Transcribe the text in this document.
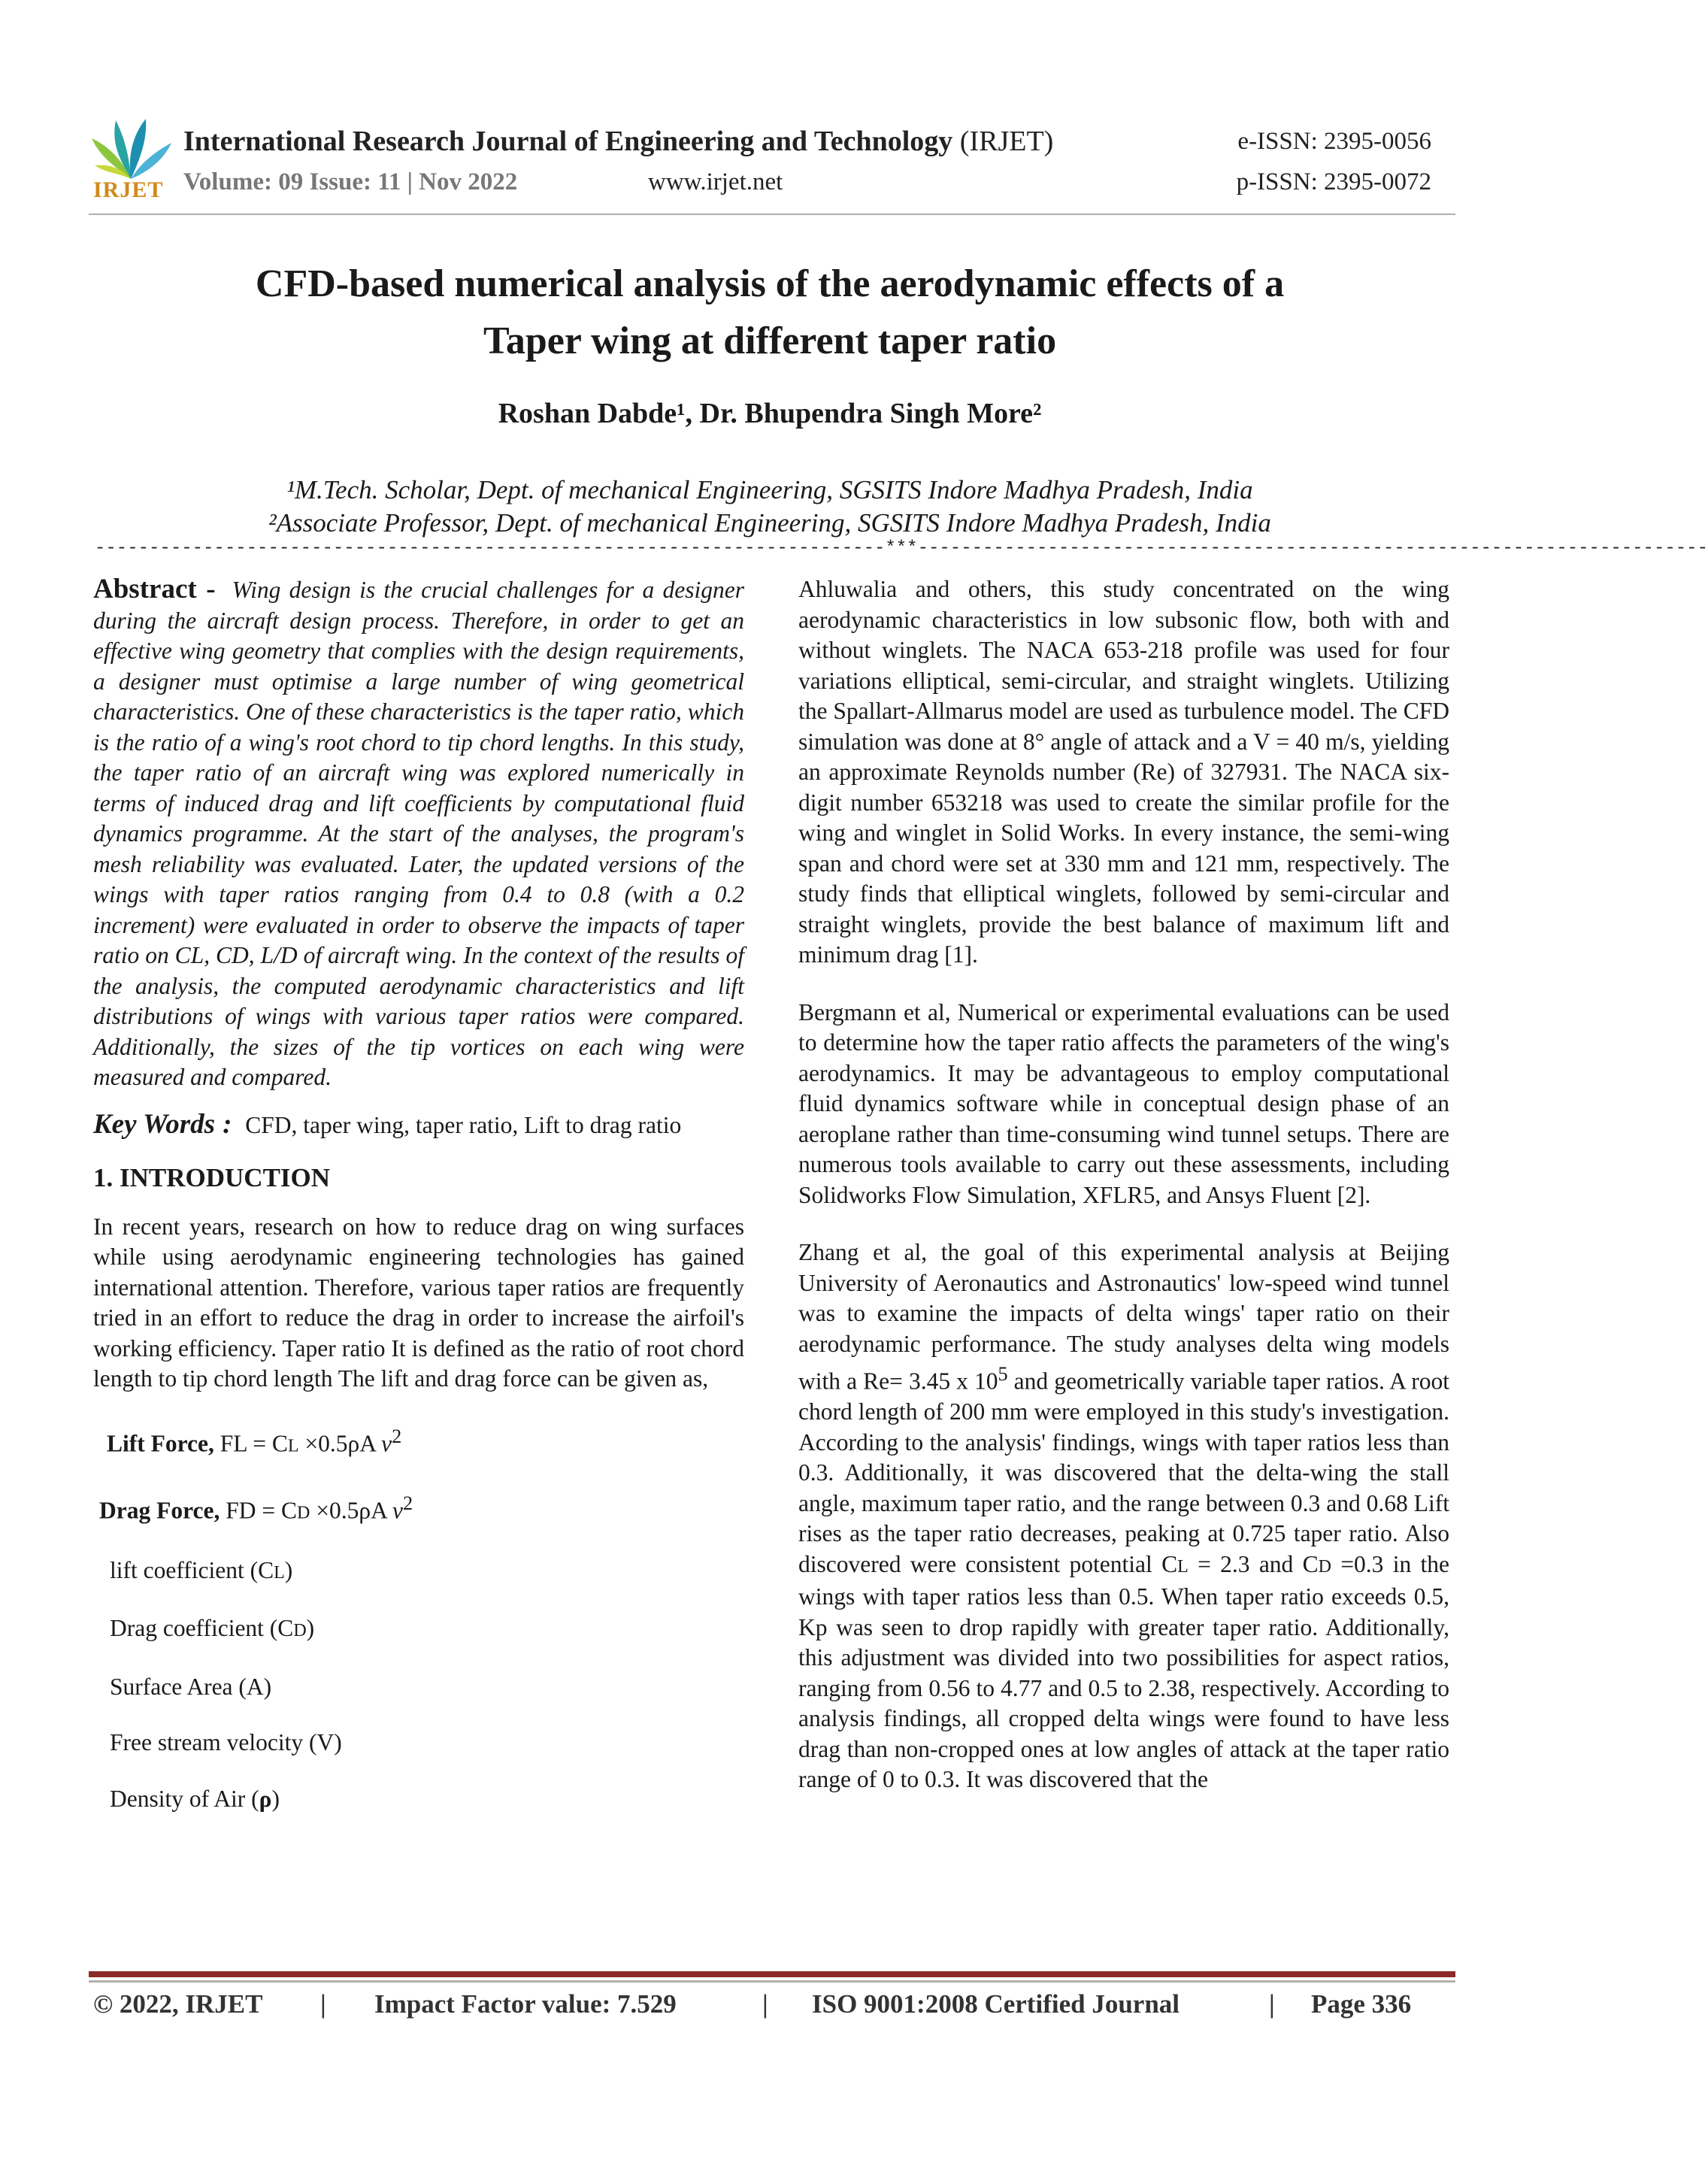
IRJET
International Research Journal of Engineering and Technology (IRJET)
Volume: 09 Issue: 11 | Nov 2022	www.irjet.net
e-ISSN: 2395-0056
p-ISSN: 2395-0072
CFD-based numerical analysis of the aerodynamic effects of a
Taper wing at different taper ratio
Roshan Dabde¹, Dr. Bhupendra Singh More²
¹M.Tech. Scholar, Dept. of mechanical Engineering, SGSITS Indore Madhya Pradesh, India
²Associate Professor, Dept. of mechanical Engineering, SGSITS Indore Madhya Pradesh, India
-------------------------------------------------------------------------***-------------------------------------------------------------------------

Abstract - Wing design is the crucial challenges for a designer during the aircraft design process. Therefore, in order to get an effective wing geometry that complies with the design requirements, a designer must optimise a large number of wing geometrical characteristics. One of these characteristics is the taper ratio, which is the ratio of a wing's root chord to tip chord lengths. In this study, the taper ratio of an aircraft wing was explored numerically in terms of induced drag and lift coefficients by computational fluid dynamics programme. At the start of the analyses, the program's mesh reliability was evaluated. Later, the updated versions of the wings with taper ratios ranging from 0.4 to 0.8 (with a 0.2 increment) were evaluated in order to observe the impacts of taper ratio on CL, CD, L/D of aircraft wing. In the context of the results of the analysis, the computed aerodynamic characteristics and lift distributions of wings with various taper ratios were compared. Additionally, the sizes of the tip vortices on each wing were measured and compared.

Key Words : CFD, taper wing, taper ratio, Lift to drag ratio

1. INTRODUCTION

In recent years, research on how to reduce drag on wing surfaces while using aerodynamic engineering technologies has gained international attention. Therefore, various taper ratios are frequently tried in an effort to reduce the drag in order to increase the airfoil's working efficiency. Taper ratio It is defined as the ratio of root chord length to tip chord length The lift and drag force can be given as,

Lift Force, FL = CL ×0.5ρA $v^2$
Drag Force, FD = CD ×0.5ρA $v^2$
lift coefficient (CL)
Drag coefficient (CD)
Surface Area (A)
Free stream velocity (V)
Density of Air (ρ)

Ahluwalia and others, this study concentrated on the wing aerodynamic characteristics in low subsonic flow, both with and without winglets. The NACA 653-218 profile was used for four variations elliptical, semi-circular, and straight winglets. Utilizing the Spallart-Allmarus model are used as turbulence model. The CFD simulation was done at 8° angle of attack and a V = 40 m/s, yielding an approximate Reynolds number (Re) of 327931. The NACA six-digit number 653218 was used to create the similar profile for the wing and winglet in Solid Works. In every instance, the semi-wing span and chord were set at 330 mm and 121 mm, respectively. The study finds that elliptical winglets, followed by semi-circular and straight winglets, provide the best balance of maximum lift and minimum drag [1].

Bergmann et al, Numerical or experimental evaluations can be used to determine how the taper ratio affects the parameters of the wing's aerodynamics. It may be advantageous to employ computational fluid dynamics software while in conceptual design phase of an aeroplane rather than time-consuming wind tunnel setups. There are numerous tools available to carry out these assessments, including Solidworks Flow Simulation, XFLR5, and Ansys Fluent [2].

Zhang et al, the goal of this experimental analysis at Beijing University of Aeronautics and Astronautics' low-speed wind tunnel was to examine the impacts of delta wings' taper ratio on their aerodynamic performance. The study analyses delta wing models with a Re= 3.45 x $10^5$ and geometrically variable taper ratios. A root chord length of 200 mm were employed in this study's investigation. According to the analysis' findings, wings with taper ratios less than 0.3. Additionally, it was discovered that the delta-wing the stall angle, maximum taper ratio, and the range between 0.3 and 0.68 Lift rises as the taper ratio decreases, peaking at 0.725 taper ratio. Also discovered were consistent potential CL = 2.3 and CD =0.3 in the wings with taper ratios less than 0.5. When taper ratio exceeds 0.5, Kp was seen to drop rapidly with greater taper ratio. Additionally, this adjustment was divided into two possibilities for aspect ratios, ranging from 0.56 to 4.77 and 0.5 to 2.38, respectively. According to analysis findings, all cropped delta wings were found to have less drag than non-cropped ones at low angles of attack at the taper ratio range of 0 to 0.3. It was discovered that the

© 2022, IRJET | Impact Factor value: 7.529	| ISO 9001:2008 Certified Journal	| Page 336
